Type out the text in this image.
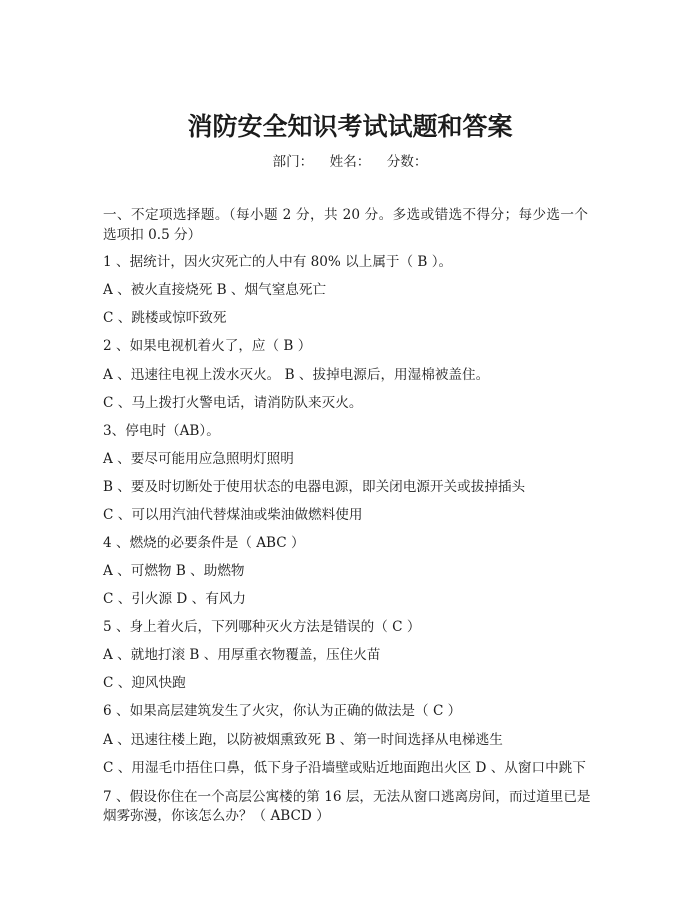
消防安全知识考试试题和答案
部门： 姓名： 分数：
一、不定项选择题。（每小题 2 分，共 20 分。多选或错选不得分；每少选一个
选项扣 0.5 分）
1 、据统计，因火灾死亡的人中有 80% 以上属于（ B ）。
A 、被火直接烧死 B 、烟气窒息死亡
C 、跳楼或惊吓致死
2 、如果电视机着火了，应（ B ）
A 、迅速往电视上泼水灭火。 B 、拔掉电源后，用湿棉被盖住。
C 、马上拨打火警电话，请消防队来灭火。
3、停电时（AB）。
A 、要尽可能用应急照明灯照明
B 、要及时切断处于使用状态的电器电源，即关闭电源开关或拔掉插头
C 、可以用汽油代替煤油或柴油做燃料使用
4 、燃烧的必要条件是（ ABC ）
A 、可燃物 B 、助燃物
C 、引火源 D 、有风力
5 、身上着火后，下列哪种灭火方法是错误的（ C ）
A 、就地打滚 B 、用厚重衣物覆盖，压住火苗
C 、迎风快跑
6 、如果高层建筑发生了火灾，你认为正确的做法是（ C ）
A 、迅速往楼上跑，以防被烟熏致死 B 、第一时间选择从电梯逃生
C 、用湿毛巾捂住口鼻，低下身子沿墙壁或贴近地面跑出火区 D 、从窗口中跳下
7 、假设你住在一个高层公寓楼的第 16 层，无法从窗口逃离房间，而过道里已是
烟雾弥漫，你该怎么办？（ ABCD ）
